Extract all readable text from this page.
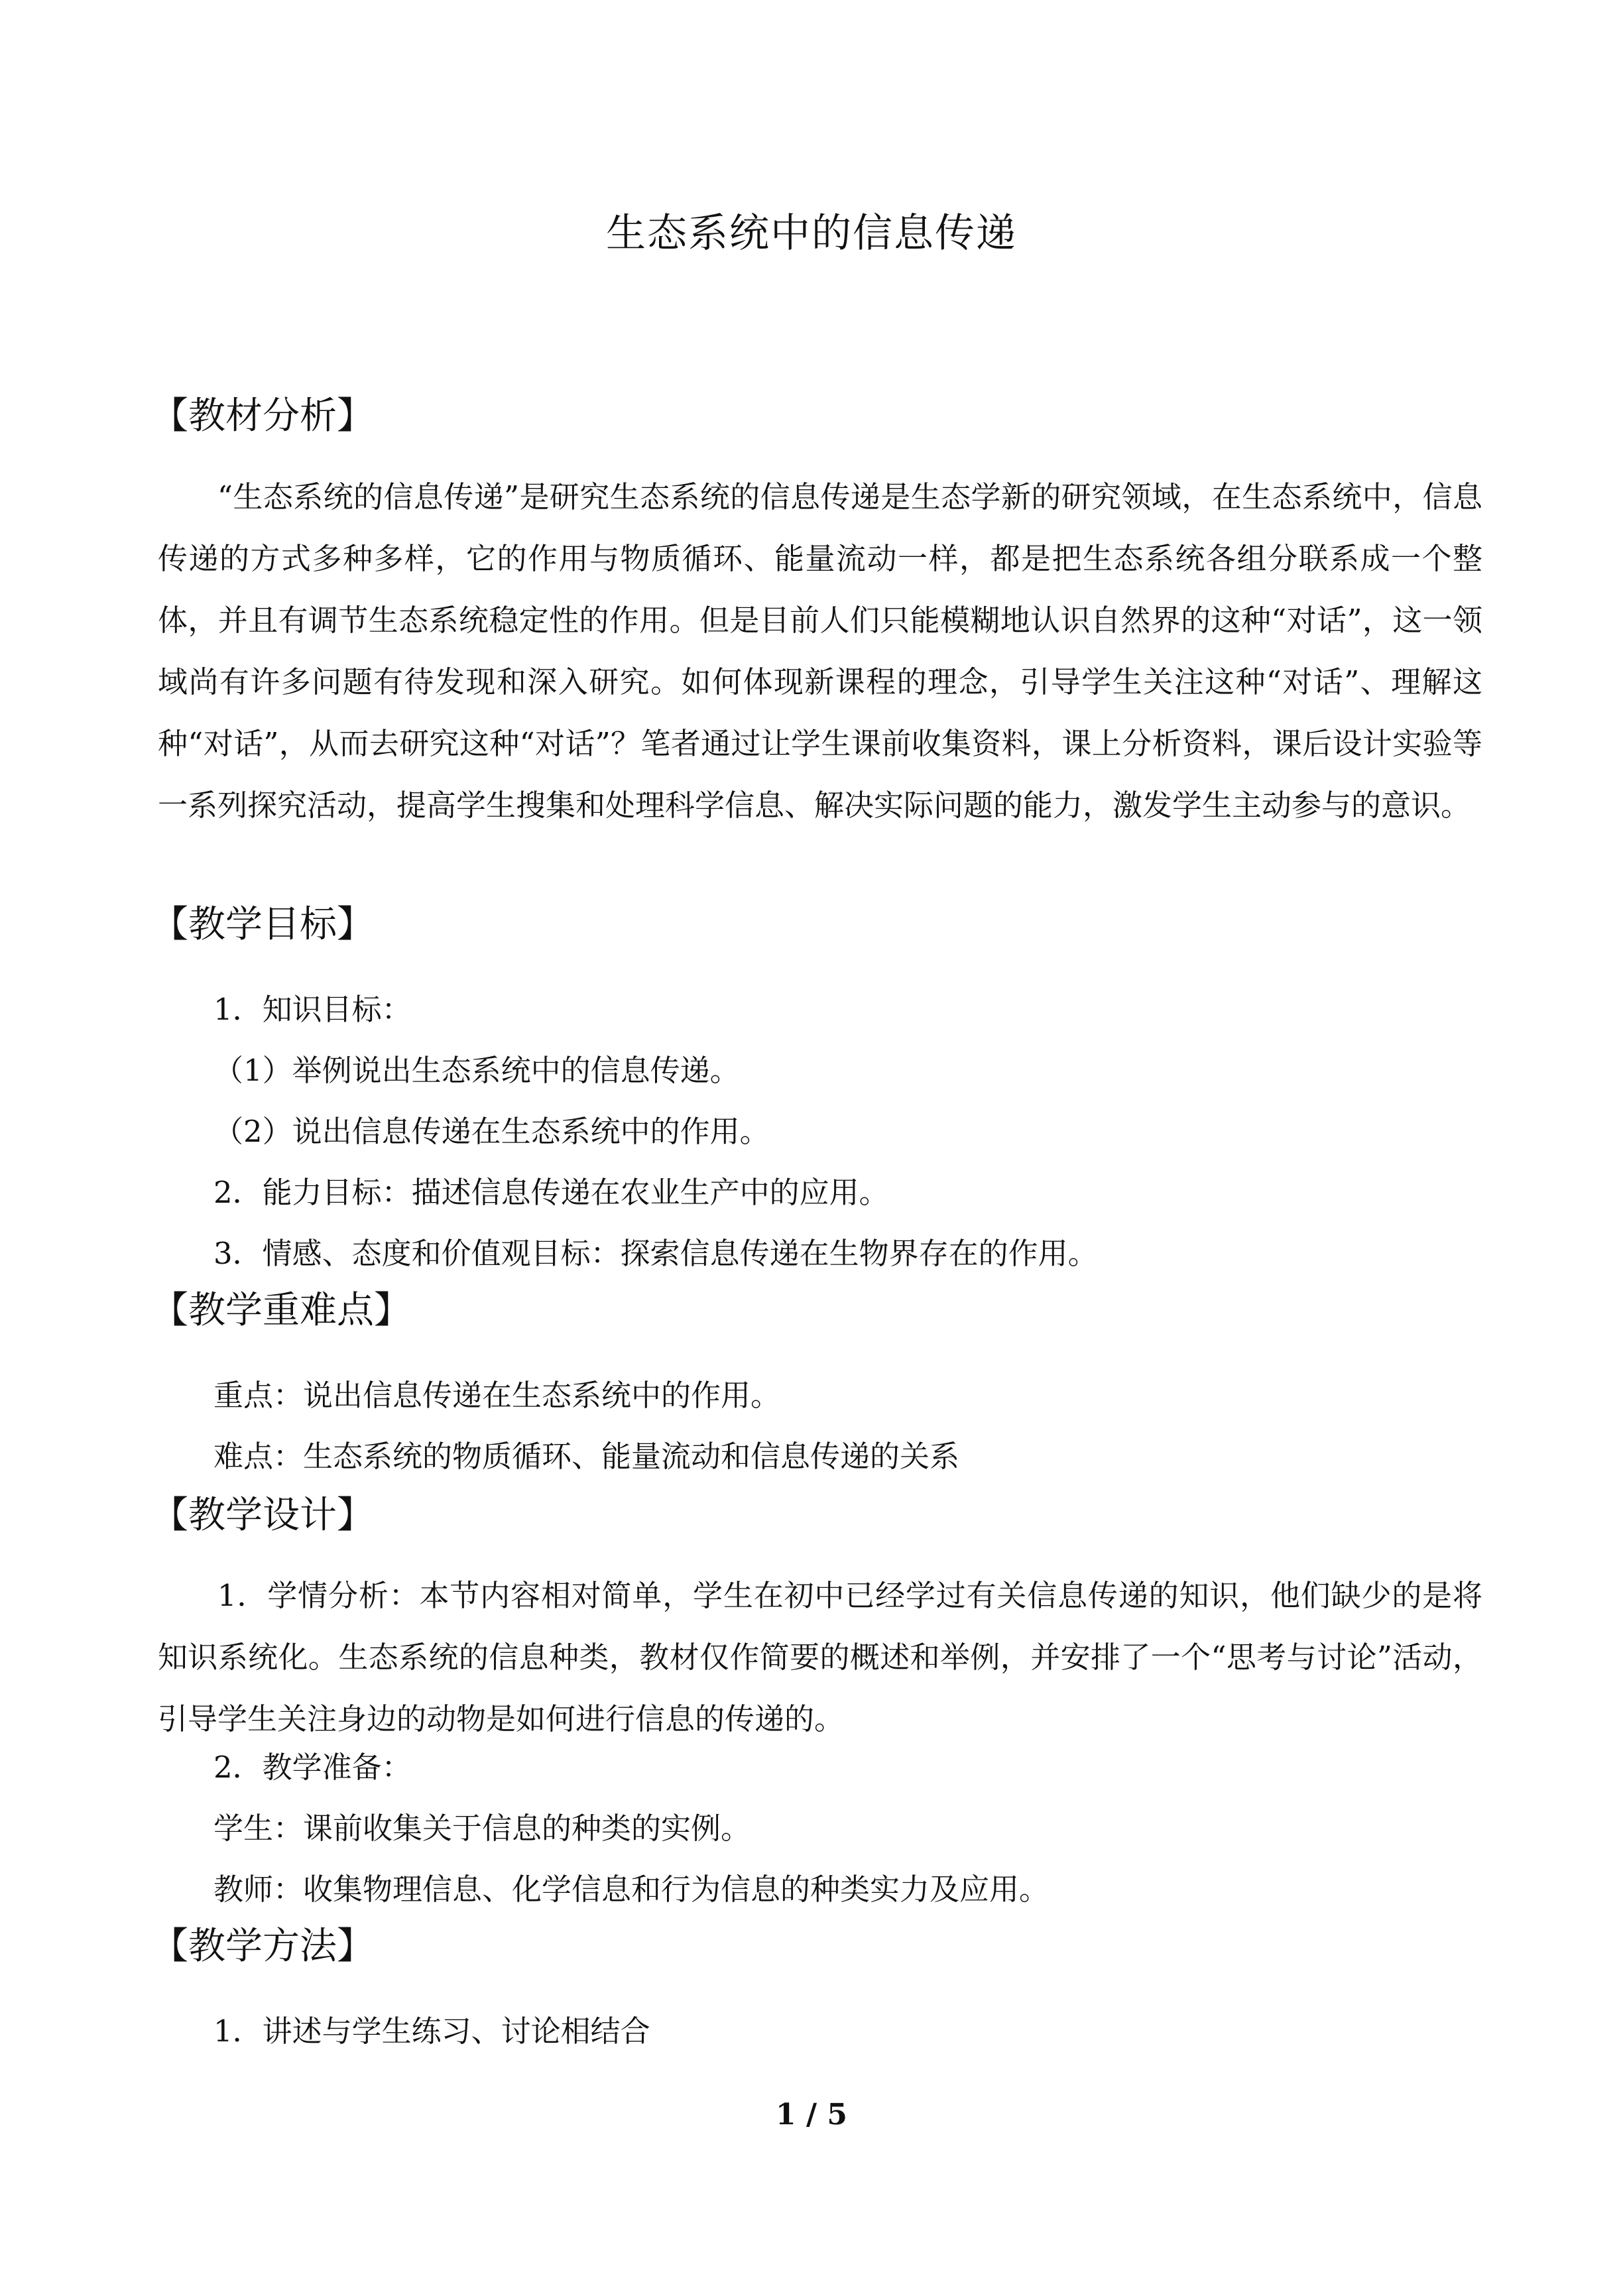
生态系统中的信息传递
【教材分析】

“生态系统的信息传递”是研究生态系统的信息传递是生态学新的研究领域，在生态系统中，信息传递的方式多种多样，它的作用与物质循环、能量流动一样，都是把生态系统各组分联系成一个整体，并且有调节生态系统稳定性的作用。但是目前人们只能模糊地认识自然界的这种“对话”，这一领域尚有许多问题有待发现和深入研究。如何体现新课程的理念，引导学生关注这种“对话”、理解这种“对话”，从而去研究这种“对话”？笔者通过让学生课前收集资料，课上分析资料，课后设计实验等一系列探究活动，提高学生搜集和处理科学信息、解决实际问题的能力，激发学生主动参与的意识。

【教学目标】
1．知识目标：
（1）举例说出生态系统中的信息传递。
（2）说出信息传递在生态系统中的作用。
2．能力目标：描述信息传递在农业生产中的应用。
3．情感、态度和价值观目标：探索信息传递在生物界存在的作用。
【教学重难点】
重点：说出信息传递在生态系统中的作用。
难点：生态系统的物质循环、能量流动和信息传递的关系
【教学设计】

1．学情分析：本节内容相对简单，学生在初中已经学过有关信息传递的知识，他们缺少的是将知识系统化。生态系统的信息种类，教材仅作简要的概述和举例，并安排了一个“思考与讨论”活动，引导学生关注身边的动物是如何进行信息的传递的。

2．教学准备：
学生：课前收集关于信息的种类的实例。
教师：收集物理信息、化学信息和行为信息的种类实力及应用。
【教学方法】
1．讲述与学生练习、讨论相结合
1 / 5
